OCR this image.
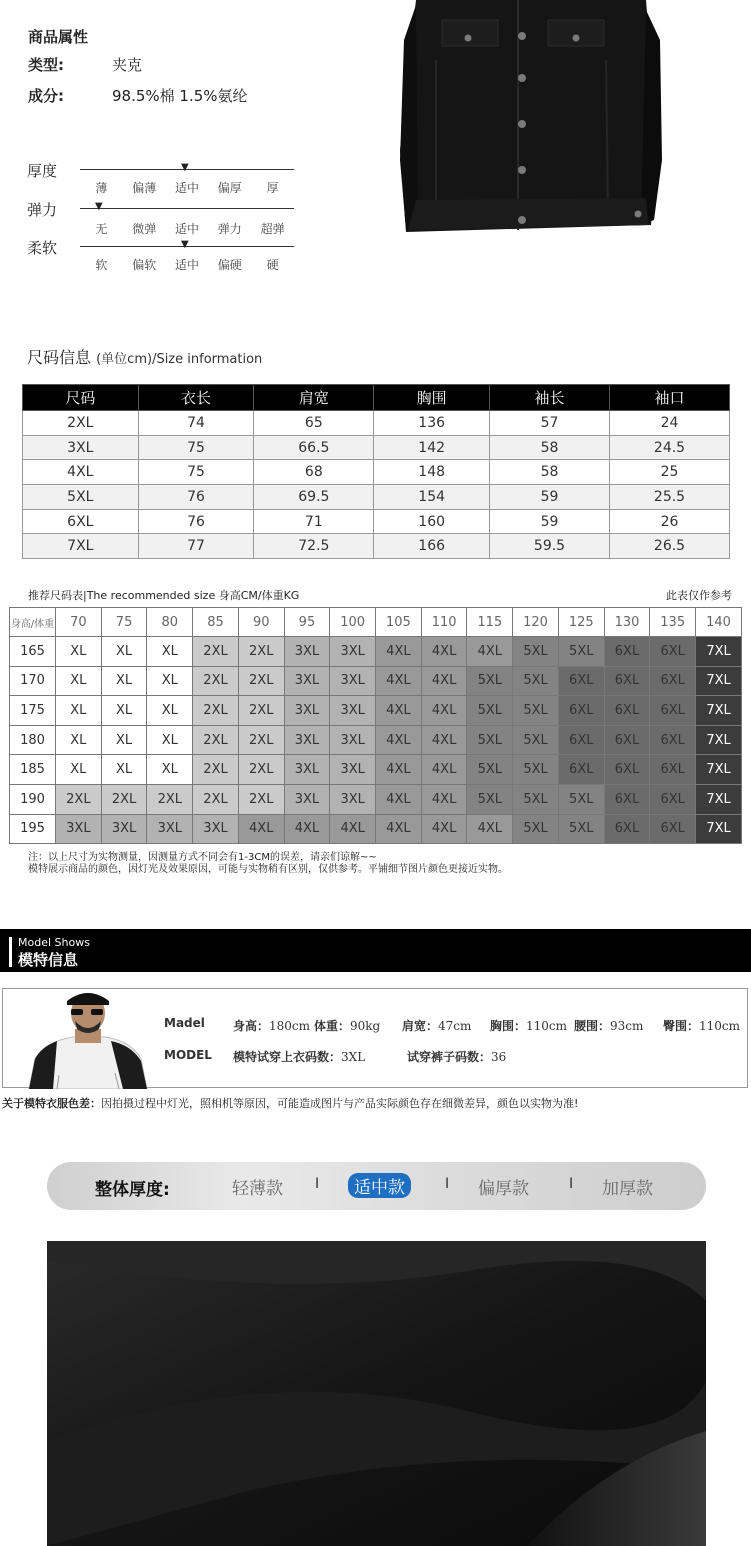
商品属性
类型:	夹克
成分:	98.5%棉 1.5%氨纶
厚度	▼
薄	偏薄	适中	偏厚	厚
弹力	▼
无	微弹	适中	弹力	超弹
柔软	▼
软	偏软	适中	偏硬	硬
尺码信息 (单位cm)/Size information
尺码	衣长	肩宽	胸围	袖长	袖口
2XL	74	65	136	57	24
3XL	75	66.5	142	58	24.5
4XL	75	68	148	58	25
5XL	76	69.5	154	59	25.5
6XL	76	71	160	59	26
7XL	77	72.5	166	59.5	26.5
推荐尺码表|The recommended size 身高CM/体重KG	此表仅作参考
身高/体重	70	75	80	85	90	95	100	105	110	115	120	125	130	135	140
165	XL	XL	XL	2XL	2XL	3XL	3XL	4XL	4XL	4XL	5XL	5XL	6XL	6XL	7XL
170	XL	XL	XL	2XL	2XL	3XL	3XL	4XL	4XL	5XL	5XL	6XL	6XL	6XL	7XL
175	XL	XL	XL	2XL	2XL	3XL	3XL	4XL	4XL	5XL	5XL	6XL	6XL	6XL	7XL
180	XL	XL	XL	2XL	2XL	3XL	3XL	4XL	4XL	5XL	5XL	6XL	6XL	6XL	7XL
185	XL	XL	XL	2XL	2XL	3XL	3XL	4XL	4XL	5XL	5XL	6XL	6XL	6XL	7XL
190	2XL	2XL	2XL	2XL	2XL	3XL	3XL	4XL	4XL	5XL	5XL	5XL	6XL	6XL	7XL
195	3XL	3XL	3XL	3XL	4XL	4XL	4XL	4XL	4XL	4XL	5XL	5XL	6XL	6XL	7XL
注：以上尺寸为实物测量，因测量方式不同会有1-3CM的误差，请亲们谅解~~
模特展示商品的颜色，因灯光及效果原因，可能与实物稍有区别，仅供参考。平铺细节图片颜色更接近实物。
Model Shows
模特信息
Madel 身高：180cm 体重：90kg 肩宽：47cm 胸围：110cm 腰围：93cm 臀围：110cm
MODEL 模特试穿上衣码数：3XL	试穿裤子码数：36
关于模特衣服色差：因拍摄过程中灯光，照相机等原因，可能造成图片与产品实际颜色存在细微差异，颜色以实物为准!
整体厚度:	轻薄款 I	适中款	I 偏厚款	I 加厚款
